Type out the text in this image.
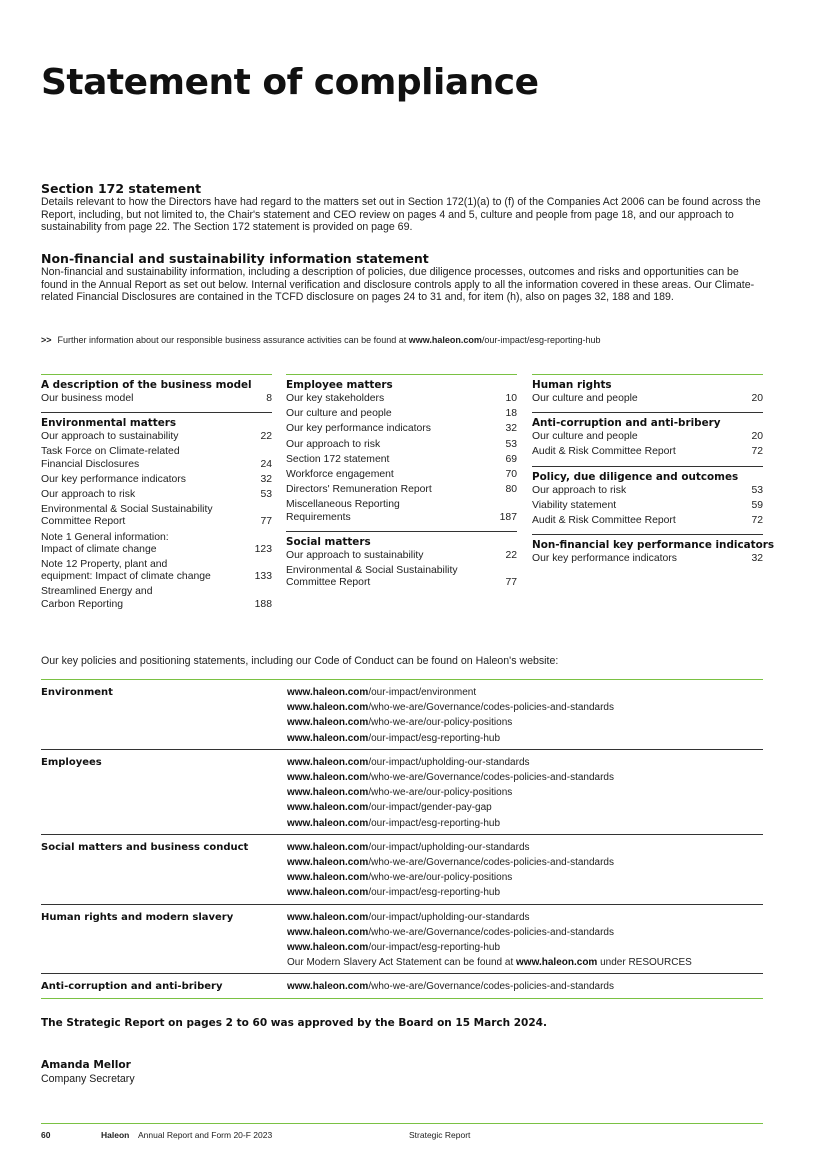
Statement of compliance
Section 172 statement

Details relevant to how the Directors have had regard to the matters set out in Section 172(1)(a) to (f) of the Companies Act 2006 can be found across the Report, including, but not limited to, the Chair's statement and CEO review on pages 4 and 5, culture and people from page 18, and our approach to sustainability from page 22. The Section 172 statement is provided on page 69.

Non-financial and sustainability information statement

Non-financial and sustainability information, including a description of policies, due diligence processes, outcomes and risks and opportunities can be found in the Annual Report as set out below. Internal verification and disclosure controls apply to all the information covered in these areas. Our Climate-related Financial Disclosures are contained in the TCFD disclosure on pages 24 to 31 and, for item (h), also on pages 32, 188 and 189.

>> Further information about our responsible business assurance activities can be found at www.haleon.com/our-impact/esg-reporting-hub
A description of the business model
Our business model	8
Environmental matters
Our approach to sustainability	22
Task Force on Climate-related
Financial Disclosures	24
Our key performance indicators	32
Our approach to risk	53
Environmental & Social Sustainability
Committee Report	77
Note 1 General information:
Impact of climate change	123
Note 12 Property, plant and
equipment: Impact of climate change	133
Streamlined Energy and
Carbon Reporting	188
Employee matters
Our key stakeholders	10
Our culture and people	18
Our key performance indicators	32
Our approach to risk	53
Section 172 statement	69
Workforce engagement	70
Directors' Remuneration Report	80
Miscellaneous Reporting
Requirements	187
Social matters
Our approach to sustainability	22
Environmental & Social Sustainability
Committee Report	77
Human rights
Our culture and people	20
Anti-corruption and anti-bribery
Our culture and people	20
Audit & Risk Committee Report	72
Policy, due diligence and outcomes
Our approach to risk	53
Viability statement	59
Audit & Risk Committee Report	72
Non-financial key performance indicators
Our key performance indicators	32
Our key policies and positioning statements, including our Code of Conduct can be found on Haleon's website:
Environment	www.haleon.com/our-impact/environment
www.haleon.com/who-we-are/Governance/codes-policies-and-standards
www.haleon.com/who-we-are/our-policy-positions
www.haleon.com/our-impact/esg-reporting-hub
Employees	www.haleon.com/our-impact/upholding-our-standards
www.haleon.com/who-we-are/Governance/codes-policies-and-standards
www.haleon.com/who-we-are/our-policy-positions
www.haleon.com/our-impact/gender-pay-gap
www.haleon.com/our-impact/esg-reporting-hub
Social matters and business conduct	www.haleon.com/our-impact/upholding-our-standards
www.haleon.com/who-we-are/Governance/codes-policies-and-standards
www.haleon.com/who-we-are/our-policy-positions
www.haleon.com/our-impact/esg-reporting-hub
Human rights and modern slavery	www.haleon.com/our-impact/upholding-our-standards
www.haleon.com/who-we-are/Governance/codes-policies-and-standards
www.haleon.com/our-impact/esg-reporting-hub
Our Modern Slavery Act Statement can be found at www.haleon.com under RESOURCES
Anti-corruption and anti-bribery	www.haleon.com/who-we-are/Governance/codes-policies-and-standards
The Strategic Report on pages 2 to 60 was approved by the Board on 15 March 2024.
Amanda Mellor
Company Secretary
60	Haleon Annual Report and Form 20-F 2023	Strategic Report
